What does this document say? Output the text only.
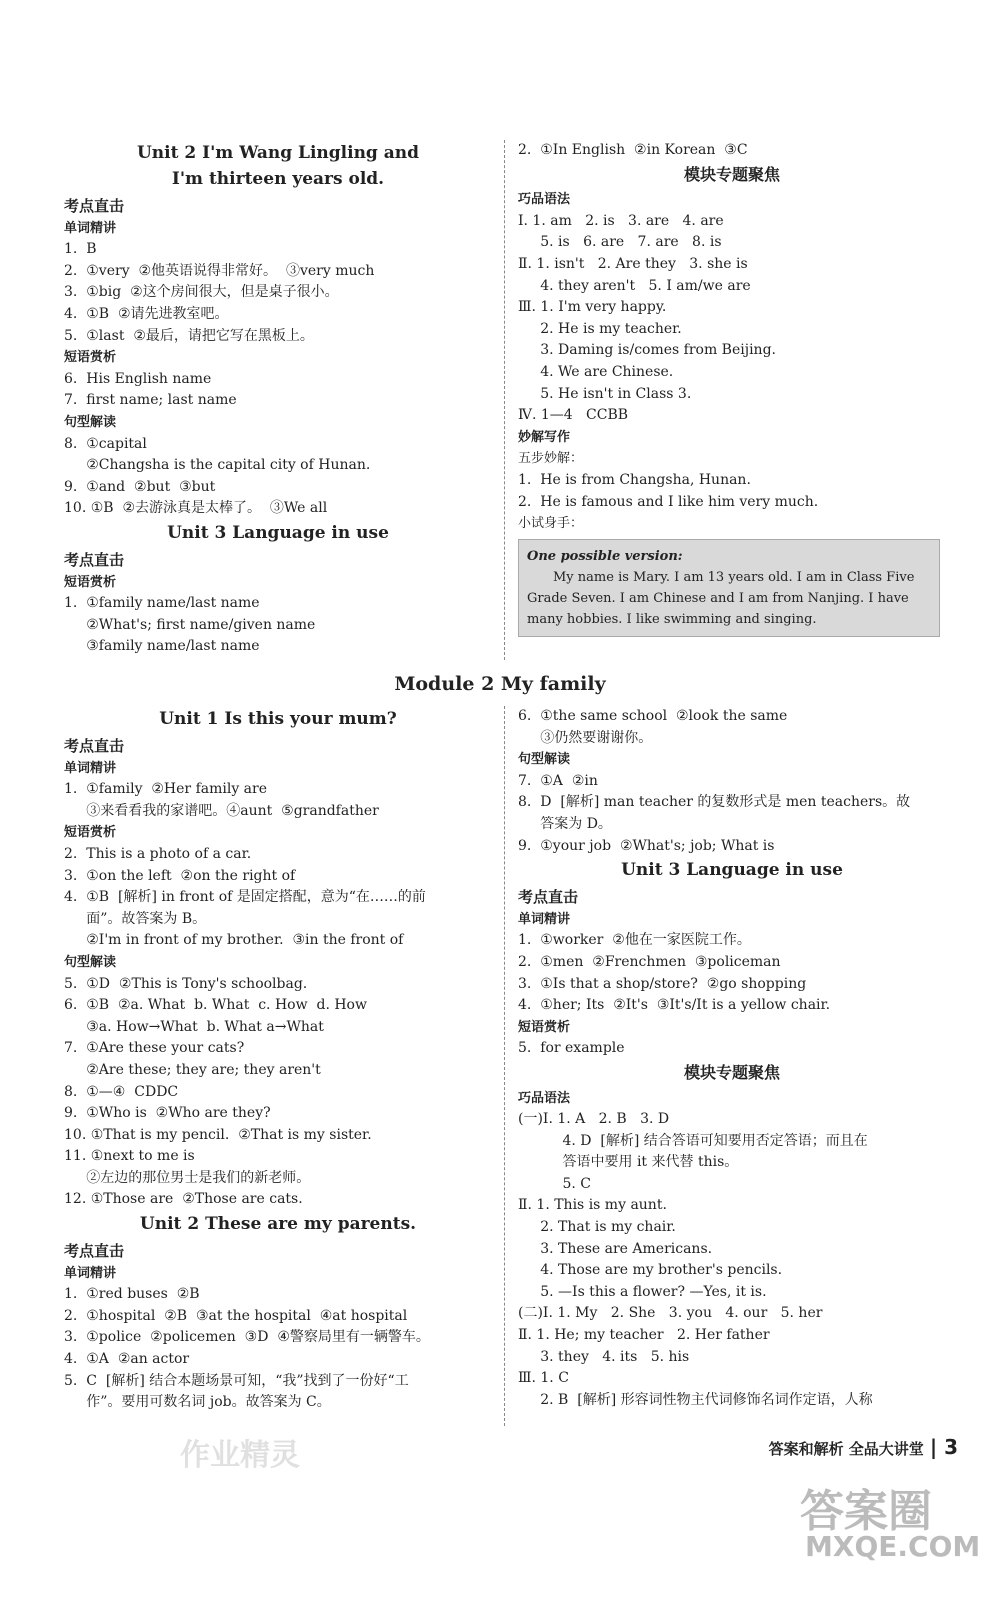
Unit 2 I'm Wang Lingling and
I'm thirteen years old.
考点直击
单词精讲
1.  B
2.  ①very  ②他英语说得非常好。  ③very much
3.  ①big  ②这个房间很大，但是桌子很小。
4.  ①B  ②请先进教室吧。
5.  ①last  ②最后，请把它写在黑板上。
短语赏析
6.  His English name
7.  first name; last name
句型解读
8.  ①capital
②Changsha is the capital city of Hunan.
9.  ①and  ②but  ③but
10. ①B  ②去游泳真是太棒了。  ③We all
Unit 3 Language in use
考点直击
短语赏析
1.  ①family name/last name
②What's; first name/given name
③family name/last name
2.  ①In English  ②in Korean  ③C
模块专题聚焦
巧品语法
Ⅰ. 1. am   2. is   3. are   4. are
5. is   6. are   7. are   8. is
Ⅱ. 1. isn't   2. Are they   3. she is
4. they aren't   5. I am/we are
Ⅲ. 1. I'm very happy.
2. He is my teacher.
3. Daming is/comes from Beijing.
4. We are Chinese.
5. He isn't in Class 3.
Ⅳ. 1—4   CCBB
妙解写作
五步妙解：
1.  He is from Changsha, Hunan.
2.  He is famous and I like him very much.
小试身手：
One possible version:
My name is Mary. I am 13 years old. I am in Class Five Grade Seven. I am Chinese and I am from Nanjing. I have many hobbies. I like swimming and singing.
Module 2 My family
Unit 1 Is this your mum?
考点直击
单词精讲
1.  ①family  ②Her family are
③来看看我的家谱吧。④aunt  ⑤grandfather
短语赏析
2.  This is a photo of a car.
3.  ①on the left  ②on the right of
4.  ①B  [解析] in front of 是固定搭配，意为“在……的前
面”。故答案为 B。
②I'm in front of my brother.  ③in the front of
句型解读
5.  ①D  ②This is Tony's schoolbag.
6.  ①B  ②a. What  b. What  c. How  d. How
③a. How→What  b. What a→What
7.  ①Are these your cats?
②Are these; they are; they aren't
8.  ①—④  CDDC
9.  ①Who is  ②Who are they?
10. ①That is my pencil.  ②That is my sister.
11. ①next to me is
②左边的那位男士是我们的新老师。
12. ①Those are  ②Those are cats.
Unit 2 These are my parents.
考点直击
单词精讲
1.  ①red buses  ②B
2.  ①hospital  ②B  ③at the hospital  ④at hospital
3.  ①police  ②policemen  ③D  ④警察局里有一辆警车。
4.  ①A  ②an actor
5.  C  [解析] 结合本题场景可知，“我”找到了一份好“工
作”。要用可数名词 job。故答案为 C。
6.  ①the same school  ②look the same
③仍然要谢谢你。
句型解读
7.  ①A  ②in
8.  D  [解析] man teacher 的复数形式是 men teachers。故
答案为 D。
9.  ①your job  ②What's; job; What is
Unit 3 Language in use
考点直击
单词精讲
1.  ①worker  ②他在一家医院工作。
2.  ①men  ②Frenchmen  ③policeman
3.  ①Is that a shop/store?  ②go shopping
4.  ①her; Its  ②It's  ③It's/It is a yellow chair.
短语赏析
5.  for example
模块专题聚焦
巧品语法
(一)Ⅰ. 1. A   2. B   3. D
4. D  [解析] 结合答语可知要用否定答语；而且在
答语中要用 it 来代替 this。
5. C
Ⅱ. 1. This is my aunt.
2. That is my chair.
3. These are Americans.
4. Those are my brother's pencils.
5. —Is this a flower? —Yes, it is.
(二)Ⅰ. 1. My   2. She   3. you   4. our   5. her
Ⅱ. 1. He; my teacher   2. Her father
3. they   4. its   5. his
Ⅲ. 1. C
2. B  [解析] 形容词性物主代词修饰名词作定语，人称
答案和解析 全品大讲堂 | 3
作业精灵
答案圈
MXQE.COM
